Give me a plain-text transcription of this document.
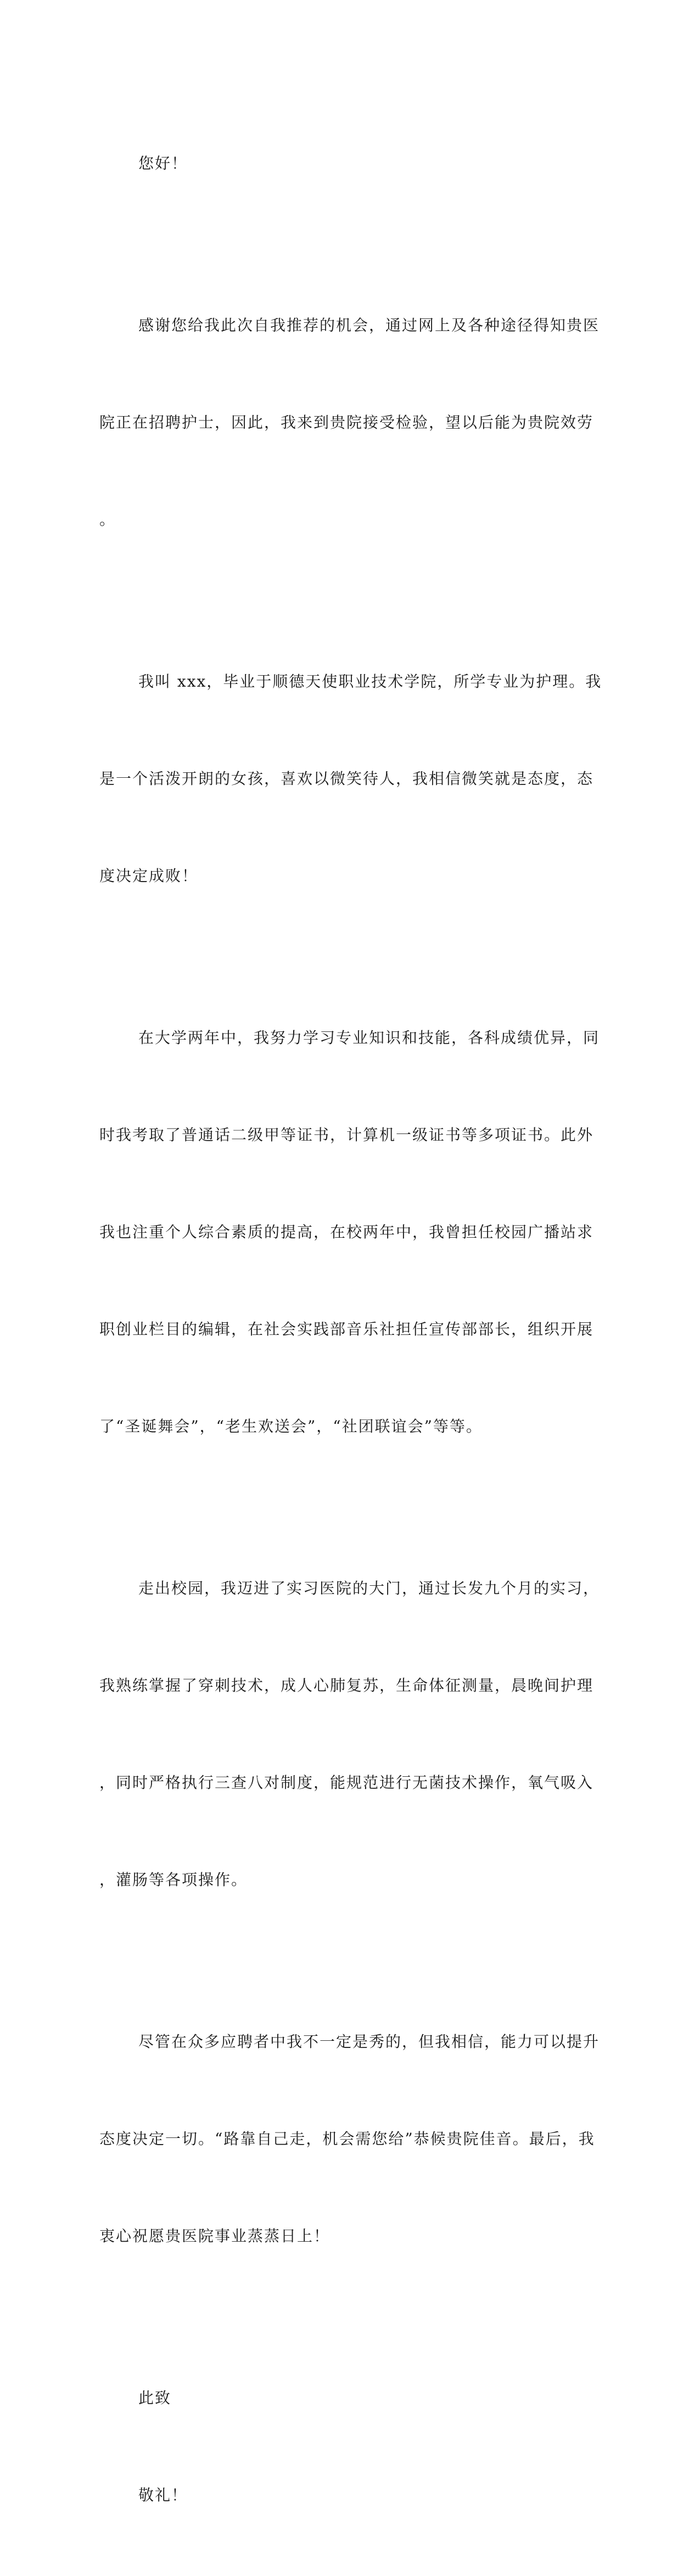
您好！

感谢您给我此次自我推荐的机会，通过网上及各种途径得知贵医

院正在招聘护士，因此，我来到贵院接受检验，望以后能为贵院效劳

。

我叫 xxx，毕业于顺德天使职业技术学院，所学专业为护理。我

是一个活泼开朗的女孩，喜欢以微笑待人，我相信微笑就是态度，态

度决定成败！

在大学两年中，我努力学习专业知识和技能，各科成绩优异，同

时我考取了普通话二级甲等证书，计算机一级证书等多项证书。此外

我也注重个人综合素质的提高，在校两年中，我曾担任校园广播站求

职创业栏目的编辑，在社会实践部音乐社担任宣传部部长，组织开展

了“圣诞舞会”，“老生欢送会”，“社团联谊会”等等。

走出校园，我迈进了实习医院的大门，通过长发九个月的实习，

我熟练掌握了穿刺技术，成人心肺复苏，生命体征测量，晨晚间护理

，同时严格执行三查八对制度，能规范进行无菌技术操作，氧气吸入

，灌肠等各项操作。

尽管在众多应聘者中我不一定是秀的，但我相信，能力可以提升

态度决定一切。“路靠自己走，机会需您给”恭候贵院佳音。最后，我

衷心祝愿贵医院事业蒸蒸日上！

此致

敬礼！
